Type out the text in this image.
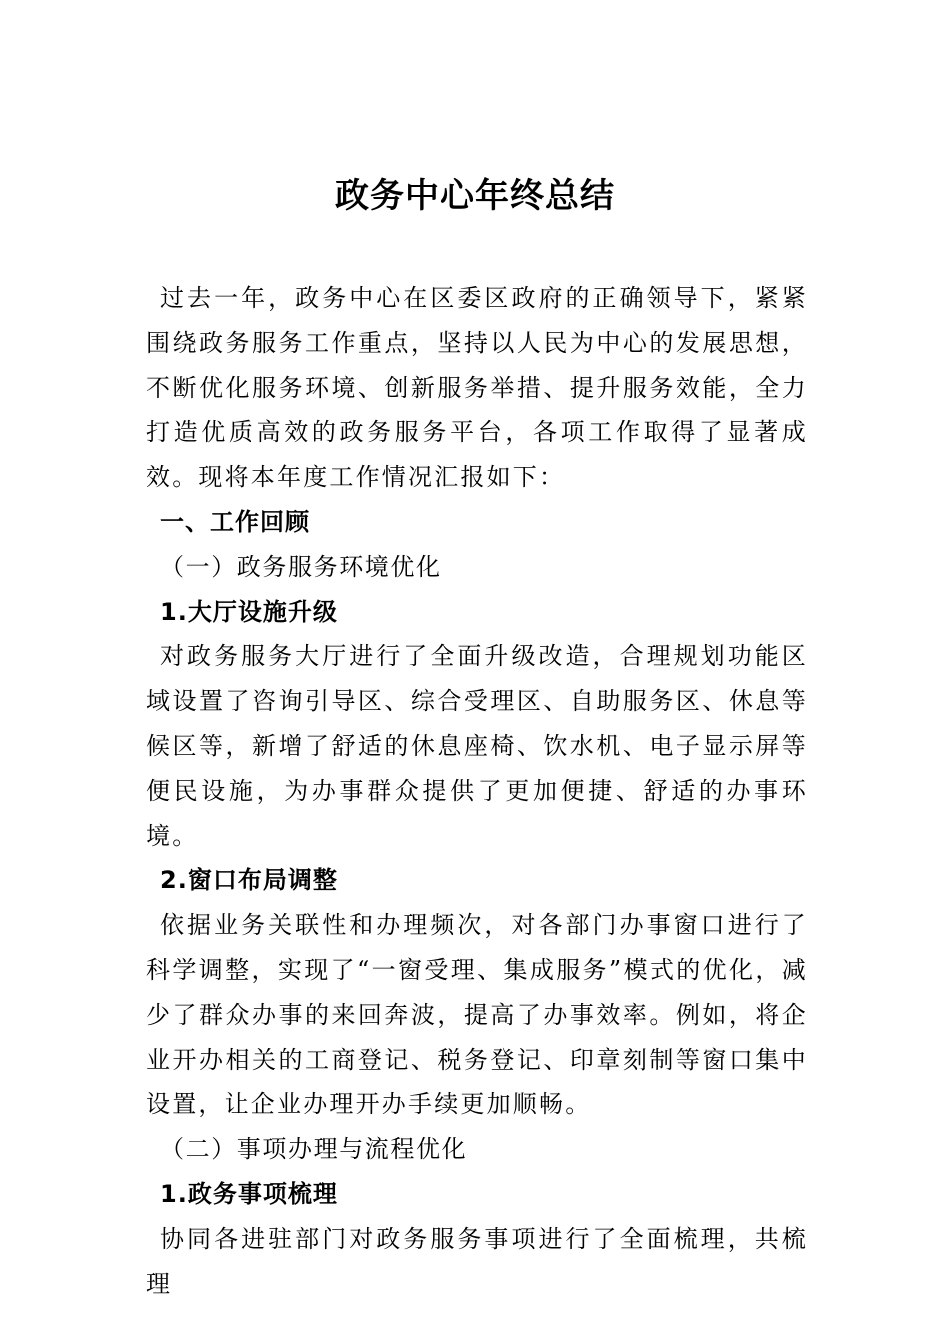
政务中心年终总结

过去一年，政务中心在区委区政府的正确领导下，紧紧围绕政务服务工作重点，坚持以人民为中心的发展思想，不断优化服务环境、创新服务举措、提升服务效能，全力打造优质高效的政务服务平台，各项工作取得了显著成效。现将本年度工作情况汇报如下：

一、工作回顾

（一）政务服务环境优化

1.大厅设施升级

对政务服务大厅进行了全面升级改造，合理规划功能区域设置了咨询引导区、综合受理区、自助服务区、休息等候区等，新增了舒适的休息座椅、饮水机、电子显示屏等便民设施，为办事群众提供了更加便捷、舒适的办事环境。

2.窗口布局调整

依据业务关联性和办理频次，对各部门办事窗口进行了科学调整，实现了“一窗受理、集成服务”模式的优化，减少了群众办事的来回奔波，提高了办事效率。例如，将企业开办相关的工商登记、税务登记、印章刻制等窗口集中设置，让企业办理开办手续更加顺畅。

（二）事项办理与流程优化

1.政务事项梳理

协同各进驻部门对政务服务事项进行了全面梳理，共梳理
